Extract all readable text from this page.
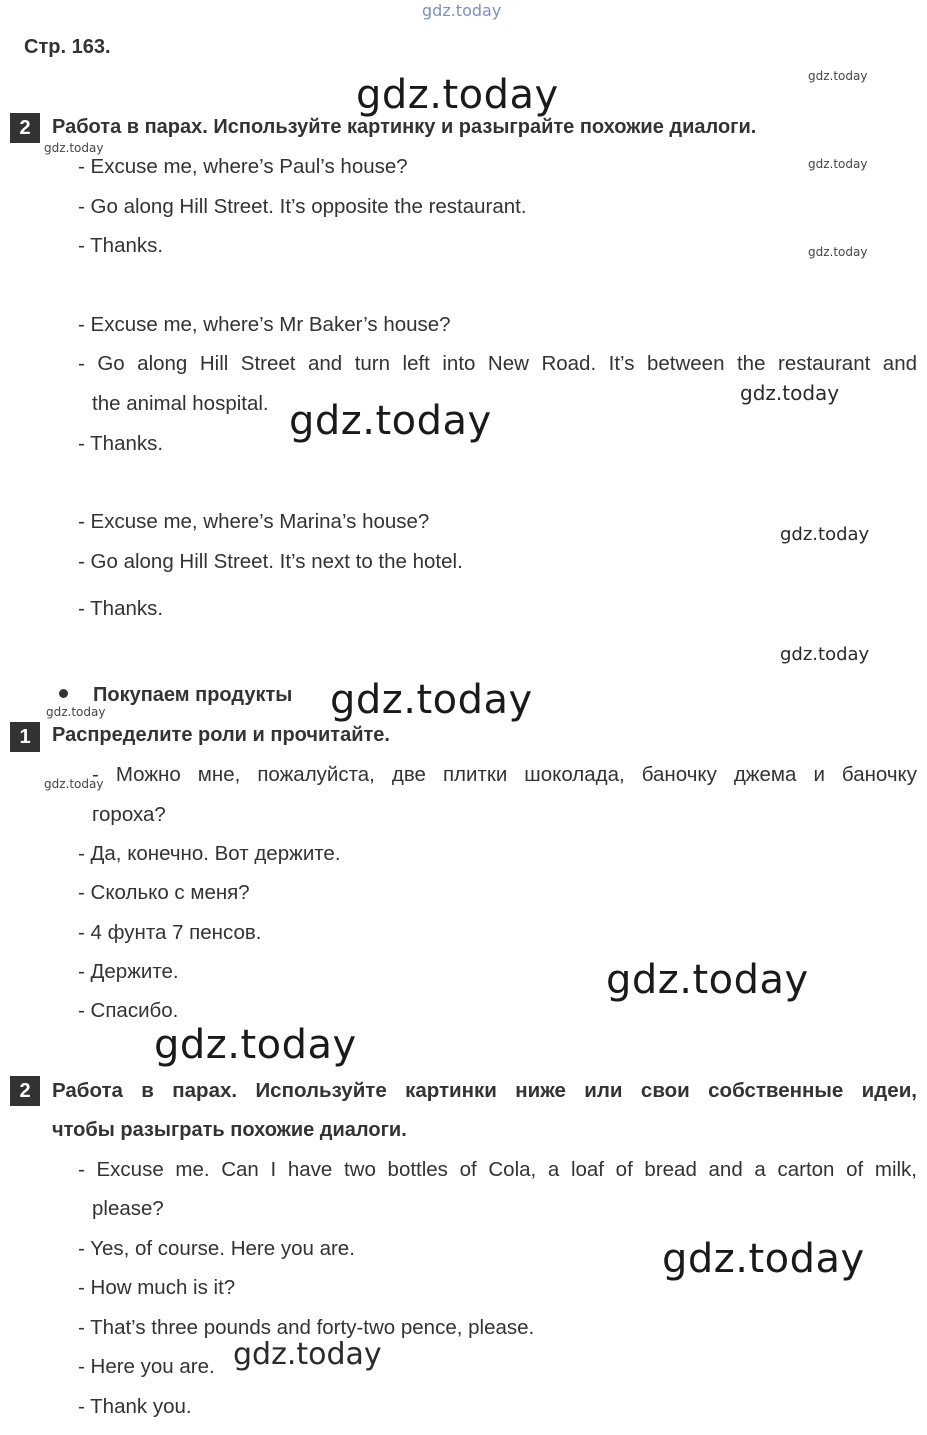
gdz.today
gdz.today
gdz.today
gdz.today
gdz.today
gdz.today
gdz.today
gdz.today
gdz.today
gdz.today
gdz.today
gdz.today
gdz.today
gdz.today
gdz.today
gdz.today
gdz.today
Стр. 163.
2	Работа в парах. Используйте картинку и разыграйте похожие диалоги.
- Excuse me, where’s Paul’s house?
- Go along Hill Street. It’s opposite the restaurant.
- Thanks.
- Excuse me, where’s Mr Baker’s house?
- Go along Hill Street and turn left into New Road. It’s between the restaurant and
the animal hospital.
- Thanks.
- Excuse me, where’s Marina’s house?
- Go along Hill Street. It’s next to the hotel.
- Thanks.
Покупаем продукты
1	Распределите роли и прочитайте.
- Можно мне, пожалуйста, две плитки шоколада, баночку джема и баночку
гороха?
- Да, конечно. Вот держите.
- Сколько с меня?
- 4 фунта 7 пенсов.
- Держите.
- Спасибо.
2	Работа в парах. Используйте картинки ниже или свои собственные идеи,
чтобы разыграть похожие диалоги.
- Excuse me. Can I have two bottles of Cola, a loaf of bread and a carton of milk,
please?
- Yes, of course. Here you are.
- How much is it?
- That’s three pounds and forty-two pence, please.
- Here you are.
- Thank you.
